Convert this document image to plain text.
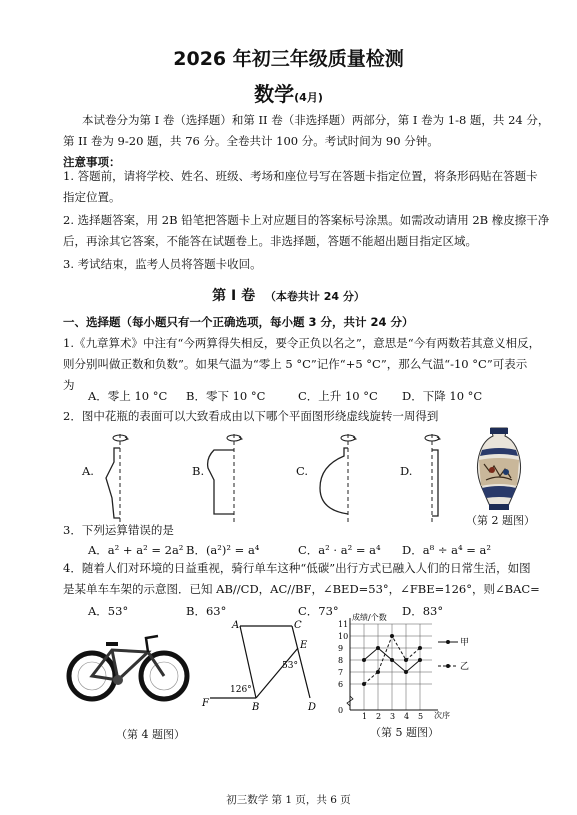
2026 年初三年级质量检测
数学(4月)
本试卷分为第 I 卷（选择题）和第 II 卷（非选择题）两部分，第 I 卷为 1-8 题，共 24 分，
第 II 卷为 9-20 题，共 76 分。全卷共计 100 分。考试时间为 90 分钟。
注意事项：
1. 答题前，请将学校、姓名、班级、考场和座位号写在答题卡指定位置，将条形码贴在答题卡
指定位置。
2. 选择题答案，用 2B 铅笔把答题卡上对应题目的答案标号涂黑。如需改动请用 2B 橡皮擦干净
后，再涂其它答案，不能答在试题卷上。非选择题，答题不能超出题目指定区域。
3. 考试结束，监考人员将答题卡收回。
第 I 卷 （本卷共计 24 分）
一、选择题（每小题只有一个正确选项，每小题 3 分，共计 24 分）
1.《九章算术》中注有“今两算得失相反，要令正负以名之”，意思是“今有两数若其意义相反，
则分别叫做正数和负数”。如果气温为“零上 5 °C”记作“+5 °C”，那么气温“-10 °C”可表示
为
A．零上 10 °C B．零下 10 °C	C．上升 10 °C D．下降 10 °C
2．图中花瓶的表面可以大致看成由以下哪个平面图形绕虚线旋转一周得到
A.	B.	C.	D.
（第 2 题图）
3．下列运算错误的是
A．a² + a² = 2a² B．(a²)² = a⁴	C．a² · a² = a⁴ D．a⁸ ÷ a⁴ = a²
4．随着人们对环境的日益重视，骑行单车这种“低碳”出行方式已融入人们的日常生活，如图
是某单车车架的示意图．已知 AB//CD，AC//BF，∠BED=53°，∠FBE=126°，则∠BAC=
A．53°	B．63°	C．73°	D．83°
（第 4 题图）
A	C
E
F	B	D
53°
126°
成绩/个数
次序
0
6
7
8
9
10
11
1 2 3 4 5
甲
乙
（第 5 题图）
初三数学 第 1 页，共 6 页
